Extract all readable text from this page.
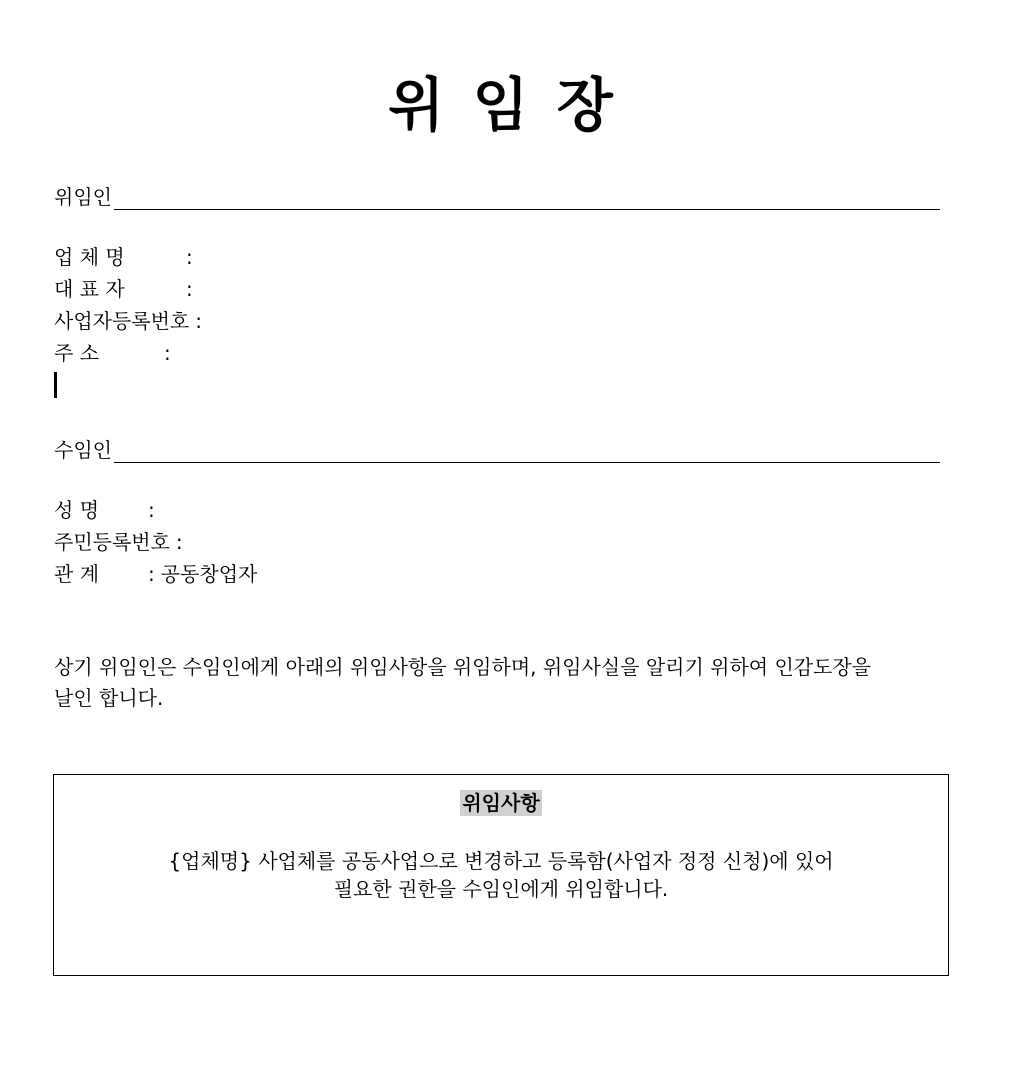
위 임 장
위임인
업 체 명	:
대 표 자	:
사업자등록번호 :
주 소	:
수임인
성 명	:
주민등록번호 :
관 계	: 공동창업자
상기 위임인은 수임인에게 아래의 위임사항을 위임하며, 위임사실을 알리기 위하여 인감도장을
날인 합니다.
위임사항
{업체명} 사업체를 공동사업으로 변경하고 등록함(사업자 정정 신청)에 있어
필요한 권한을 수임인에게 위임합니다.
